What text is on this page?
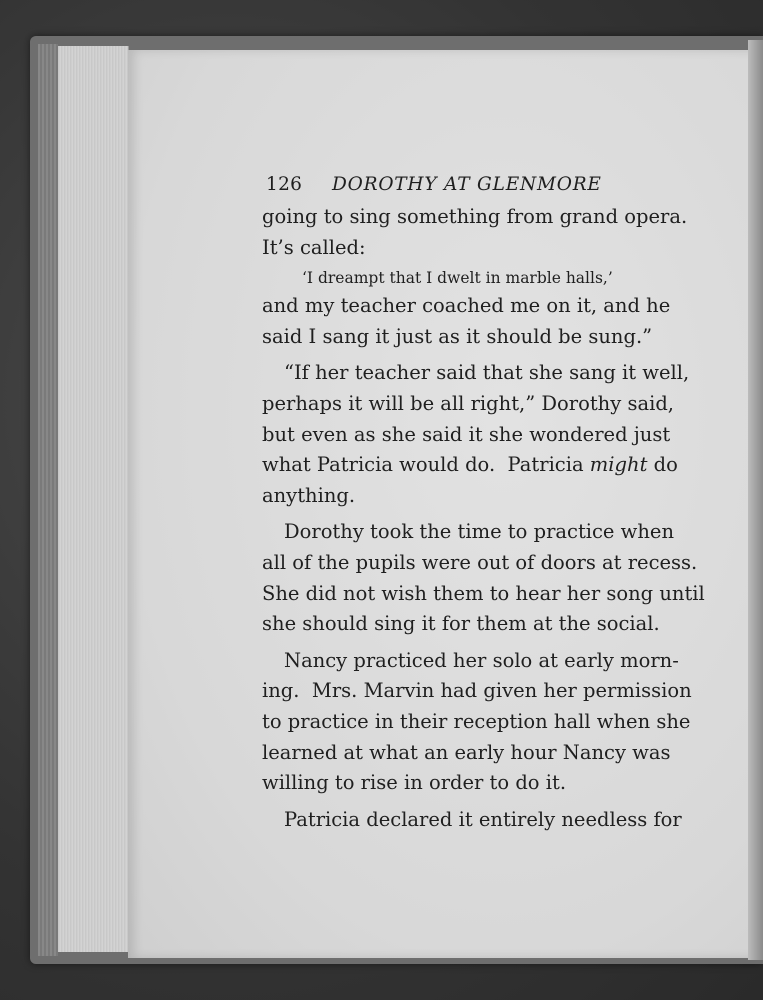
126 DOROTHY AT GLENMORE
going to sing something from grand opera.
It’s called:
‘I dreampt that I dwelt in marble halls,’
and my teacher coached me on it, and he
said I sang it just as it should be sung.”
“If her teacher said that she sang it well,
perhaps it will be all right,” Dorothy said,
but even as she said it she wondered just
what Patricia would do.  Patricia might do
anything.
Dorothy took the time to practice when
all of the pupils were out of doors at recess.
She did not wish them to hear her song until
she should sing it for them at the social.
Nancy practiced her solo at early morn-
ing.  Mrs. Marvin had given her permission
to practice in their reception hall when she
learned at what an early hour Nancy was
willing to rise in order to do it.
Patricia declared it entirely needless for
